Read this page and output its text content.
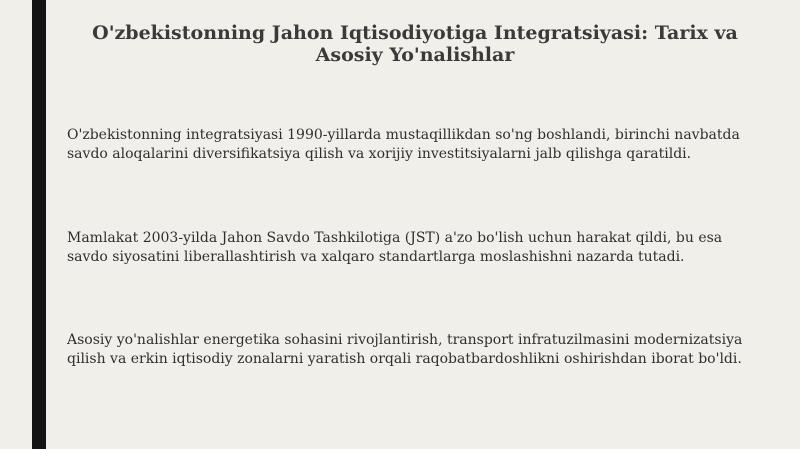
O'zbekistonning Jahon Iqtisodiyotiga Integratsiyasi: Tarix va Asosiy Yo'nalishlar

O'zbekistonning integratsiyasi 1990-yillarda mustaqillikdan so'ng boshlandi, birinchi navbatda savdo aloqalarini diversifikatsiya qilish va xorijiy investitsiyalarni jalb qilishga qaratildi.

Mamlakat 2003-yilda Jahon Savdo Tashkilotiga (JST) a'zo bo'lish uchun harakat qildi, bu esa savdo siyosatini liberallashtirish va xalqaro standartlarga moslashishni nazarda tutadi.

Asosiy yo'nalishlar energetika sohasini rivojlantirish, transport infratuzilmasini modernizatsiya qilish va erkin iqtisodiy zonalarni yaratish orqali raqobatbardoshlikni oshirishdan iborat bo'ldi.
